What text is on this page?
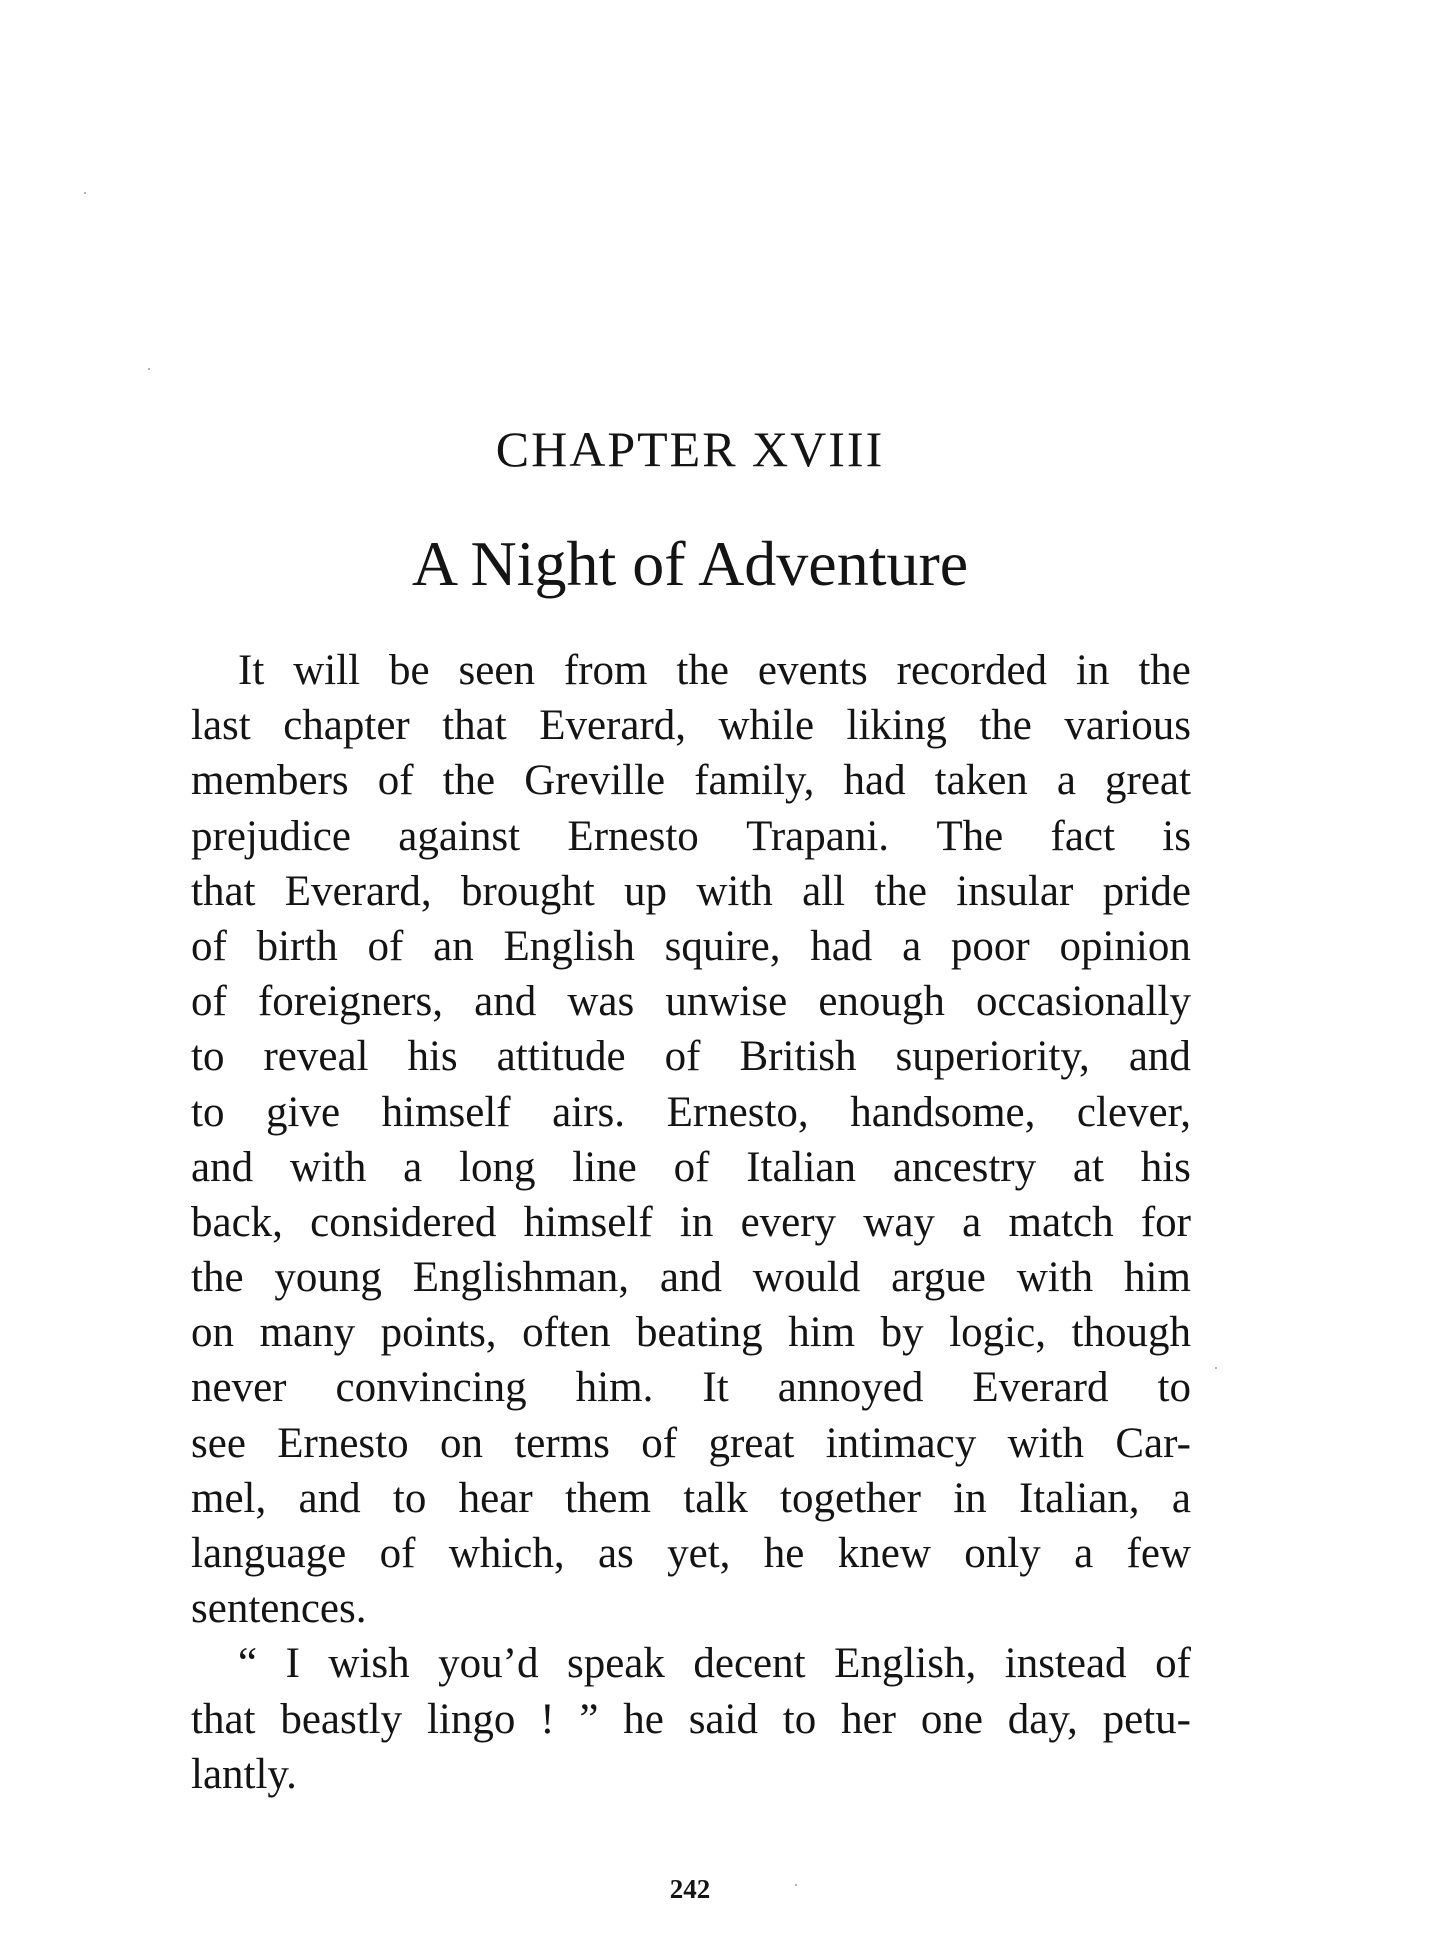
CHAPTER XVIII
A Night of Adventure
It will be seen from the events recorded in the
last chapter that Everard, while liking the various
members of the Greville family, had taken a great
prejudice against Ernesto Trapani. The fact is
that Everard, brought up with all the insular pride
of birth of an English squire, had a poor opinion
of foreigners, and was unwise enough occasionally
to reveal his attitude of British superiority, and
to give himself airs. Ernesto, handsome, clever,
and with a long line of Italian ancestry at his
back, considered himself in every way a match for
the young Englishman, and would argue with him
on many points, often beating him by logic, though
never convincing him. It annoyed Everard to
see Ernesto on terms of great intimacy with Car-
mel, and to hear them talk together in Italian, a
language of which, as yet, he knew only a few
sentences.
“ I wish you’d speak decent English, instead of
that beastly lingo ! ” he said to her one day, petu-
lantly.
242
